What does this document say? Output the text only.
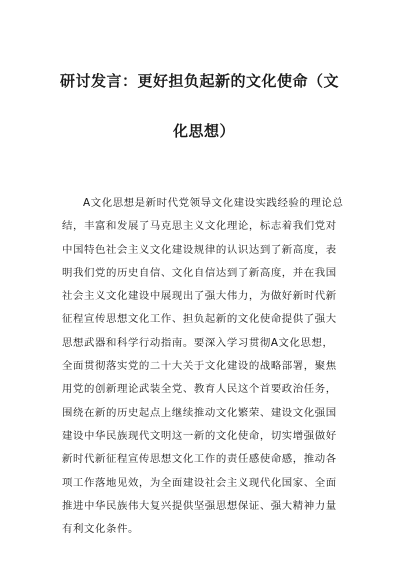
研讨发言：更好担负起新的文化使命（文
化思想）
A文化思想是新时代党领导文化建设实践经验的理论总
结，丰富和发展了马克思主义文化理论，标志着我们党对
中国特色社会主义文化建设规律的认识达到了新高度，表
明我们党的历史自信、文化自信达到了新高度，并在我国
社会主义文化建设中展现出了强大伟力，为做好新时代新
征程宣传思想文化工作、担负起新的文化使命提供了强大
思想武器和科学行动指南。要深入学习贯彻A文化思想，
全面贯彻落实党的二十大关于文化建设的战略部署，聚焦
用党的创新理论武装全党、教育人民这个首要政治任务，
围绕在新的历史起点上继续推动文化繁荣、建设文化强国
建设中华民族现代文明这一新的文化使命，切实增强做好
新时代新征程宣传思想文化工作的责任感使命感，推动各
项工作落地见效，为全面建设社会主义现代化国家、全面
推进中华民族伟大复兴提供坚强思想保证、强大精神力量
有利文化条件。
